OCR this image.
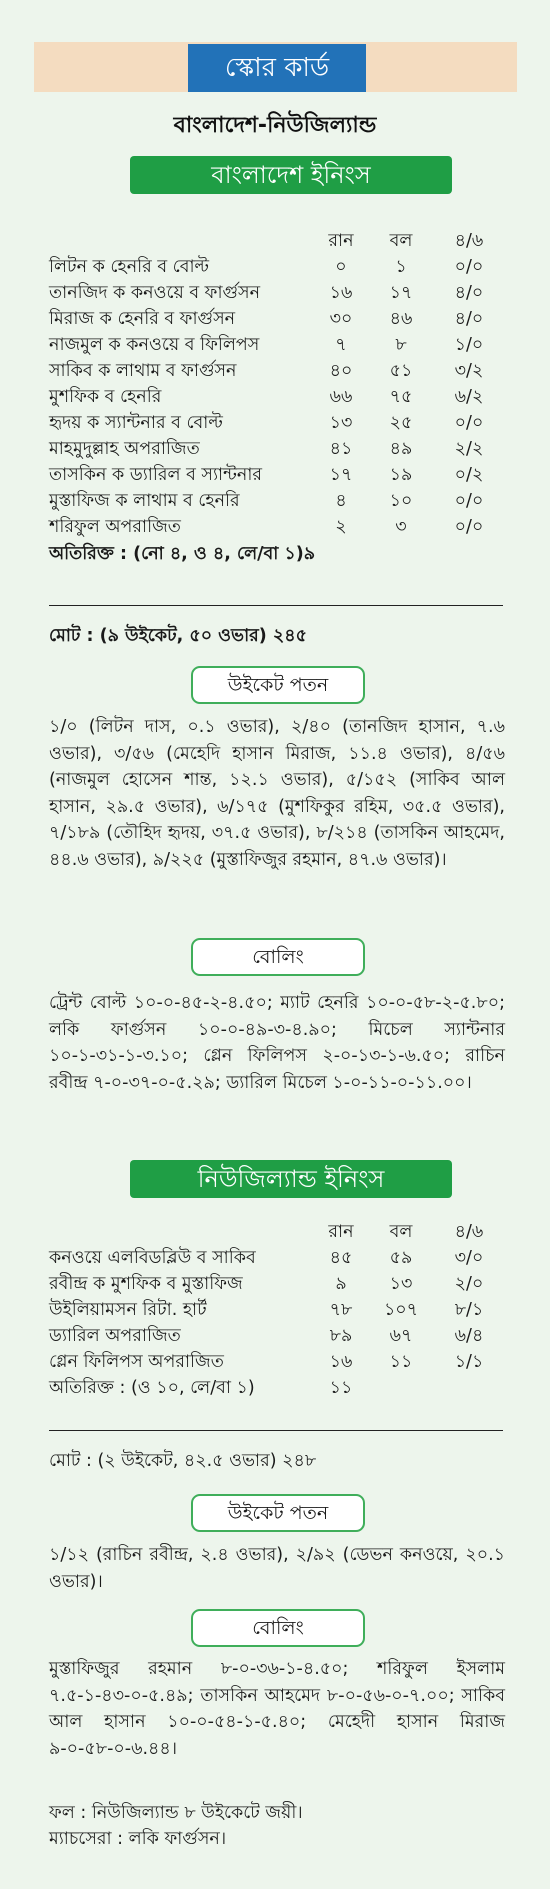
স্কোর কার্ড
বাংলাদেশ-নিউজিল্যান্ড
বাংলাদেশ ইনিংস
রান	বল	৪/৬
লিটন ক হেনরি ব বোল্ট	০	১	০/০
তানজিদ ক কনওয়ে ব ফার্গুসন	১৬	১৭	৪/০
মিরাজ ক হেনরি ব ফার্গুসন	৩০	৪৬	৪/০
নাজমুল ক কনওয়ে ব ফিলিপস	৭	৮	১/০
সাকিব ক লাথাম ব ফার্গুসন	৪০	৫১	৩/২
মুশফিক ব হেনরি	৬৬	৭৫	৬/২
হৃদয় ক স্যান্টনার ব বোল্ট	১৩	২৫	০/০
মাহমুদুল্লাহ অপরাজিত	৪১	৪৯	২/২
তাসকিন ক ড্যারিল ব স্যান্টনার	১৭	১৯	০/২
মুস্তাফিজ ক লাথাম ব হেনরি	৪	১০	০/০
শরিফুল অপরাজিত	২	৩	০/০
অতিরিক্ত : (নো ৪, ও ৪, লে/বা ১)৯
মোট : (৯ উইকেট, ৫০ ওভার) ২৪৫
উইকেট পতন
১/০ (লিটন দাস, ০.১ ওভার), ২/৪০ (তানজিদ হাসান, ৭.৬ ওভার), ৩/৫৬ (মেহেদি হাসান মিরাজ, ১১.৪ ওভার), ৪/৫৬ (নাজমুল হোসেন শান্ত, ১২.১ ওভার), ৫/১৫২ (সাকিব আল হাসান, ২৯.৫ ওভার), ৬/১৭৫ (মুশফিকুর রহিম, ৩৫.৫ ওভার), ৭/১৮৯ (তৌহিদ হৃদয়, ৩৭.৫ ওভার), ৮/২১৪ (তাসকিন আহমেদ, ৪৪.৬ ওভার), ৯/২২৫ (মুস্তাফিজুর রহমান, ৪৭.৬ ওভার)।
বোলিং
ট্রেন্ট বোল্ট ১০-০-৪৫-২-৪.৫০; ম্যাট হেনরি ১০-০-৫৮-২-৫.৮০; লকি ফার্গুসন ১০-০-৪৯-৩-৪.৯০; মিচেল স্যান্টনার ১০-১-৩১-১-৩.১০; গ্লেন ফিলিপস ২-০-১৩-১-৬.৫০; রাচিন রবীন্দ্র ৭-০-৩৭-০-৫.২৯; ড্যারিল মিচেল ১-০-১১-০-১১.০০।
নিউজিল্যান্ড ইনিংস
রান	বল	৪/৬
কনওয়ে এলবিডব্লিউ ব সাকিব	৪৫	৫৯	৩/০
রবীন্দ্র ক মুশফিক ব মুস্তাফিজ	৯	১৩	২/০
উইলিয়ামসন রিটা. হার্ট	৭৮	১০৭	৮/১
ড্যারিল অপরাজিত	৮৯	৬৭	৬/৪
গ্লেন ফিলিপস অপরাজিত	১৬	১১	১/১
অতিরিক্ত : (ও ১০, লে/বা ১)	১১
মোট : (২ উইকেট, ৪২.৫ ওভার) ২৪৮
উইকেট পতন
১/১২ (রাচিন রবীন্দ্র, ২.৪ ওভার), ২/৯২ (ডেভন কনওয়ে, ২০.১ ওভার)।
বোলিং
মুস্তাফিজুর রহমান ৮-০-৩৬-১-৪.৫০; শরিফুল ইসলাম ৭.৫-১-৪৩-০-৫.৪৯; তাসকিন আহমেদ ৮-০-৫৬-০-৭.০০; সাকিব আল হাসান ১০-০-৫৪-১-৫.৪০; মেহেদী হাসান মিরাজ ৯-০-৫৮-০-৬.৪৪।
ফল : নিউজিল্যান্ড ৮ উইকেটে জয়ী।
ম্যাচসেরা : লকি ফার্গুসন।
